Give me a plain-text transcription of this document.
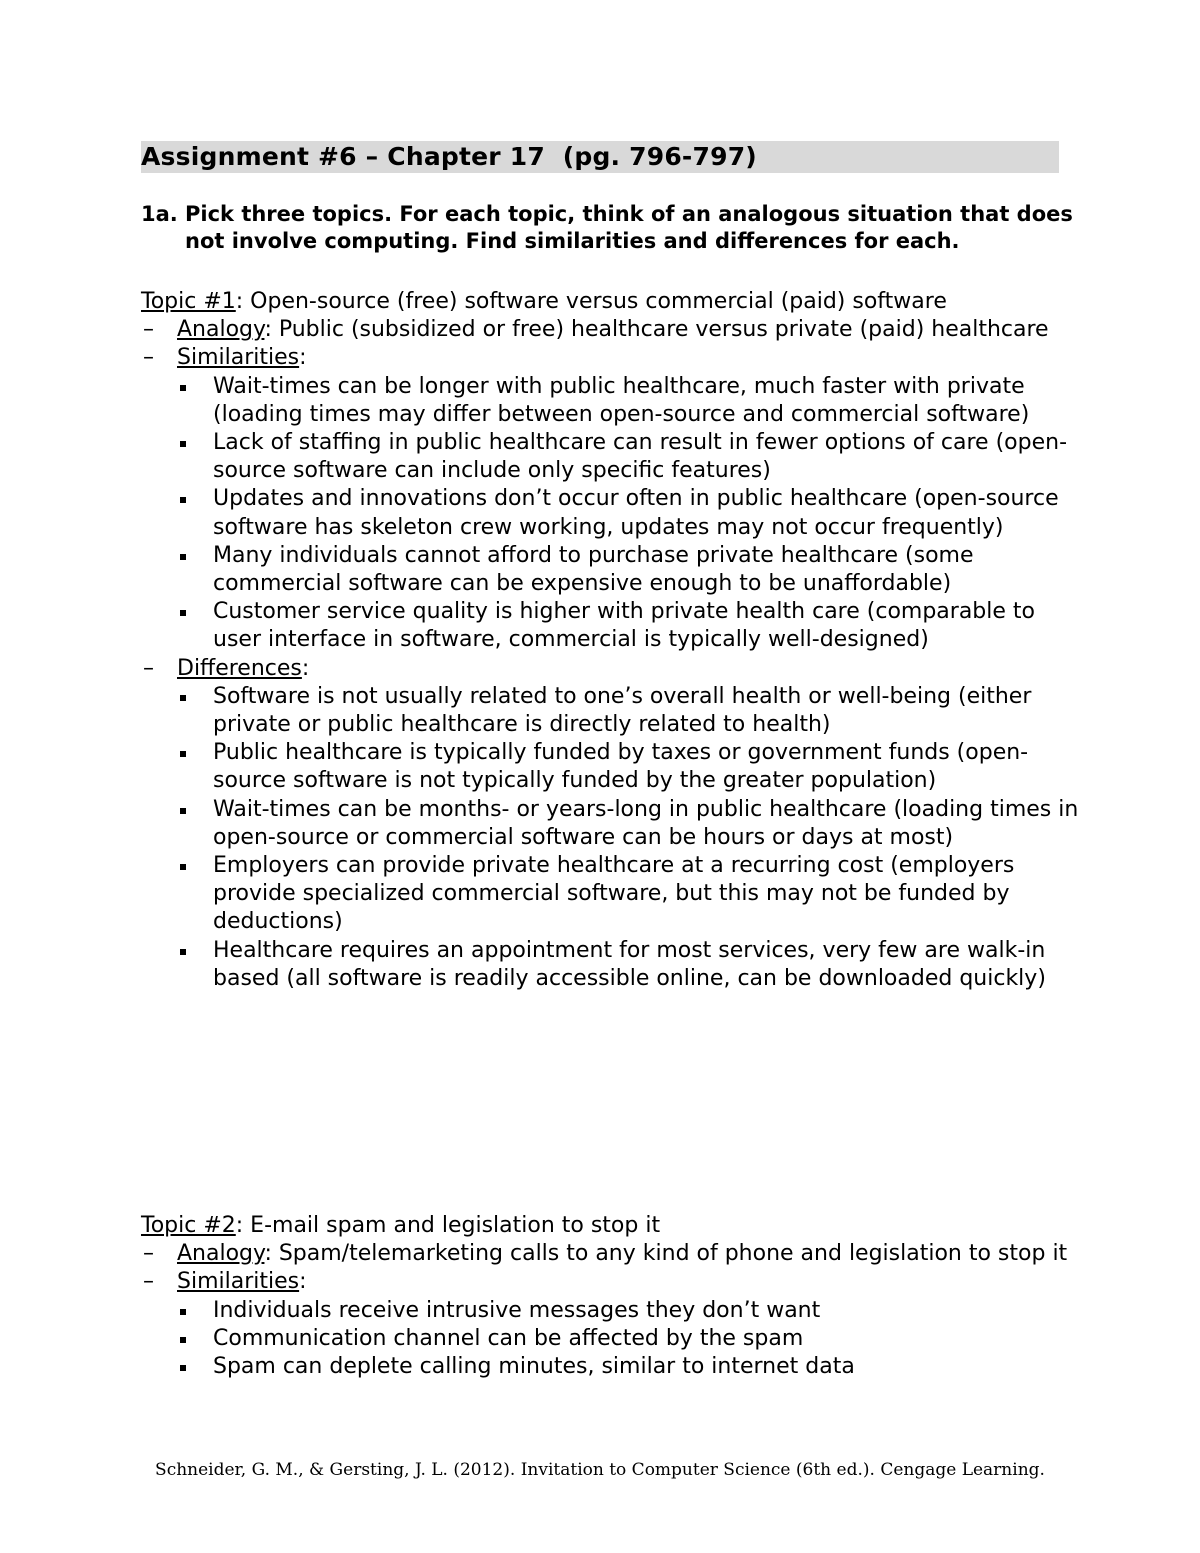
Assignment #6 – Chapter 17  (pg. 796-797)
1a. Pick three topics. For each topic, think of an analogous situation that does not involve computing. Find similarities and differences for each.
Topic #1: Open-source (free) software versus commercial (paid) software
– Analogy: Public (subsidized or free) healthcare versus private (paid) healthcare
– Similarities:
Wait-times can be longer with public healthcare, much faster with private (loading times may differ between open-source and commercial software)
Lack of staffing in public healthcare can result in fewer options of care (open-source software can include only specific features)
Updates and innovations don’t occur often in public healthcare (open-source software has skeleton crew working, updates may not occur frequently)
Many individuals cannot afford to purchase private healthcare (some commercial software can be expensive enough to be unaffordable)
Customer service quality is higher with private health care (comparable to user interface in software, commercial is typically well-designed)
– Differences:
Software is not usually related to one’s overall health or well-being (either private or public healthcare is directly related to health)
Public healthcare is typically funded by taxes or government funds (open-source software is not typically funded by the greater population)
Wait-times can be months- or years-long in public healthcare (loading times in open-source or commercial software can be hours or days at most)
Employers can provide private healthcare at a recurring cost (employers provide specialized commercial software, but this may not be funded by deductions)
Healthcare requires an appointment for most services, very few are walk-in based (all software is readily accessible online, can be downloaded quickly)
Topic #2: E-mail spam and legislation to stop it
– Analogy: Spam/telemarketing calls to any kind of phone and legislation to stop it
– Similarities:
Individuals receive intrusive messages they don’t want
Communication channel can be affected by the spam
Spam can deplete calling minutes, similar to internet data
Schneider, G. M., & Gersting, J. L. (2012). Invitation to Computer Science (6th ed.). Cengage Learning.
